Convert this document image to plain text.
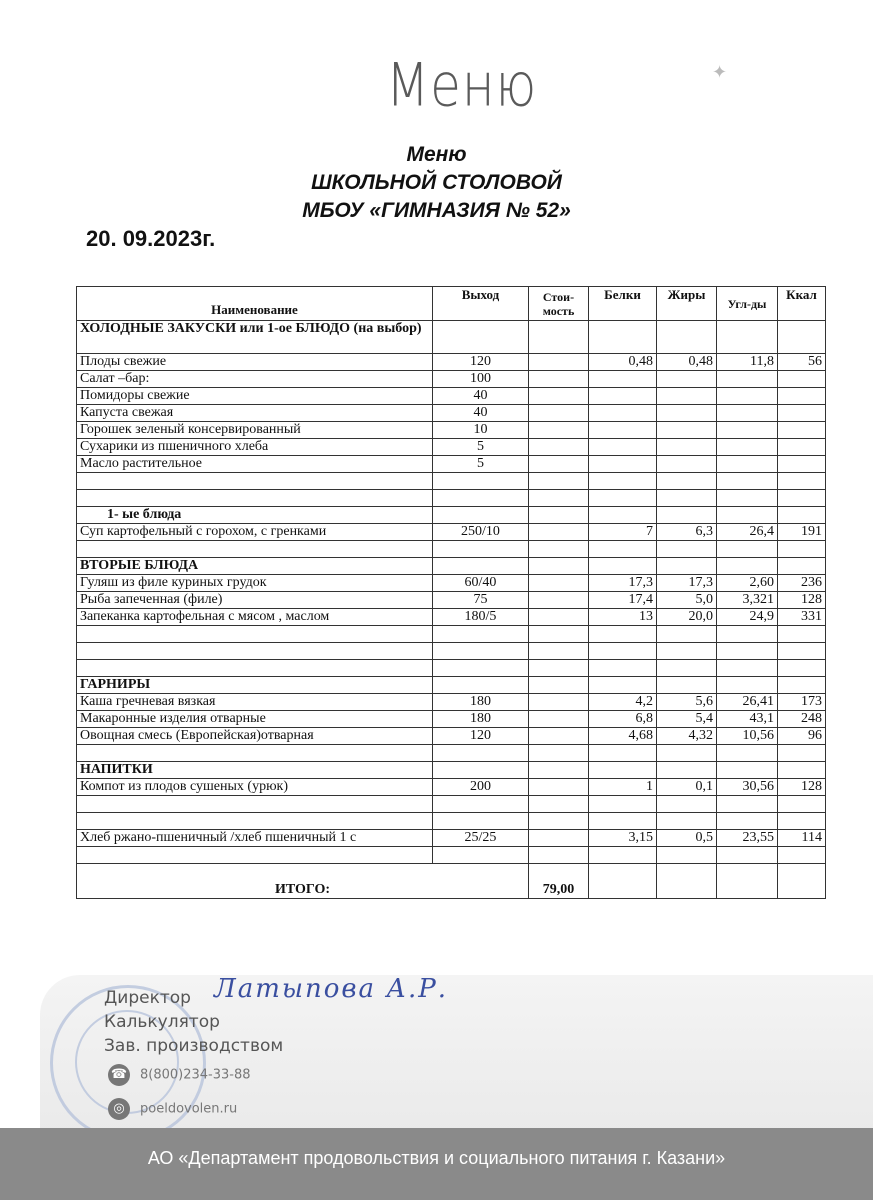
Меню	✦
Меню
ШКОЛЬНОЙ СТОЛОВОЙ
МБОУ «ГИМНАЗИЯ № 52»
20. 09.2023г.
Наименование	Выход	Стои-мость	Белки	Жиры	Угл-ды	Ккал
ХОЛОДНЫЕ ЗАКУСКИ или 1-ое БЛЮДО (на выбор)						
Плоды свежие	120		0,48	0,48	11,8	56
Салат –бар:	100					
Помидоры свежие	40					
Капуста свежая	40					
Горошек зеленый консервированный	10					
Сухарики из пшеничного хлеба	5					
Масло растительное	5					

1- ые блюда						
Суп картофельный с горохом, с гренками	250/10		7	6,3	26,4	191

ВТОРЫЕ БЛЮДА						
Гуляш из филе куриных грудок	60/40		17,3	17,3	2,60	236
Рыба запеченная (филе)	75		17,4	5,0	3,321	128
Запеканка картофельная с мясом , маслом	180/5		13	20,0	24,9	331

ГАРНИРЫ						
Каша гречневая вязкая	180		4,2	5,6	26,41	173
Макаронные изделия отварные	180		6,8	5,4	43,1	248
Овощная смесь (Европейская)отварная	120		4,68	4,32	10,56	96

НАПИТКИ						
Компот из плодов сушеных (урюк)	200		1	0,1	30,56	128

Хлеб ржано-пшеничный /хлеб пшеничный 1 с	25/25		3,15	0,5	23,55	114

ИТОГО:		79,00				
Директор Латыпова А.Р.
Калькулятор
Зав. производством
☎ 8(800)234-33-88
◎ poeldovolen.ru
АО «Департамент продовольствия и социального питания г. Казани»
